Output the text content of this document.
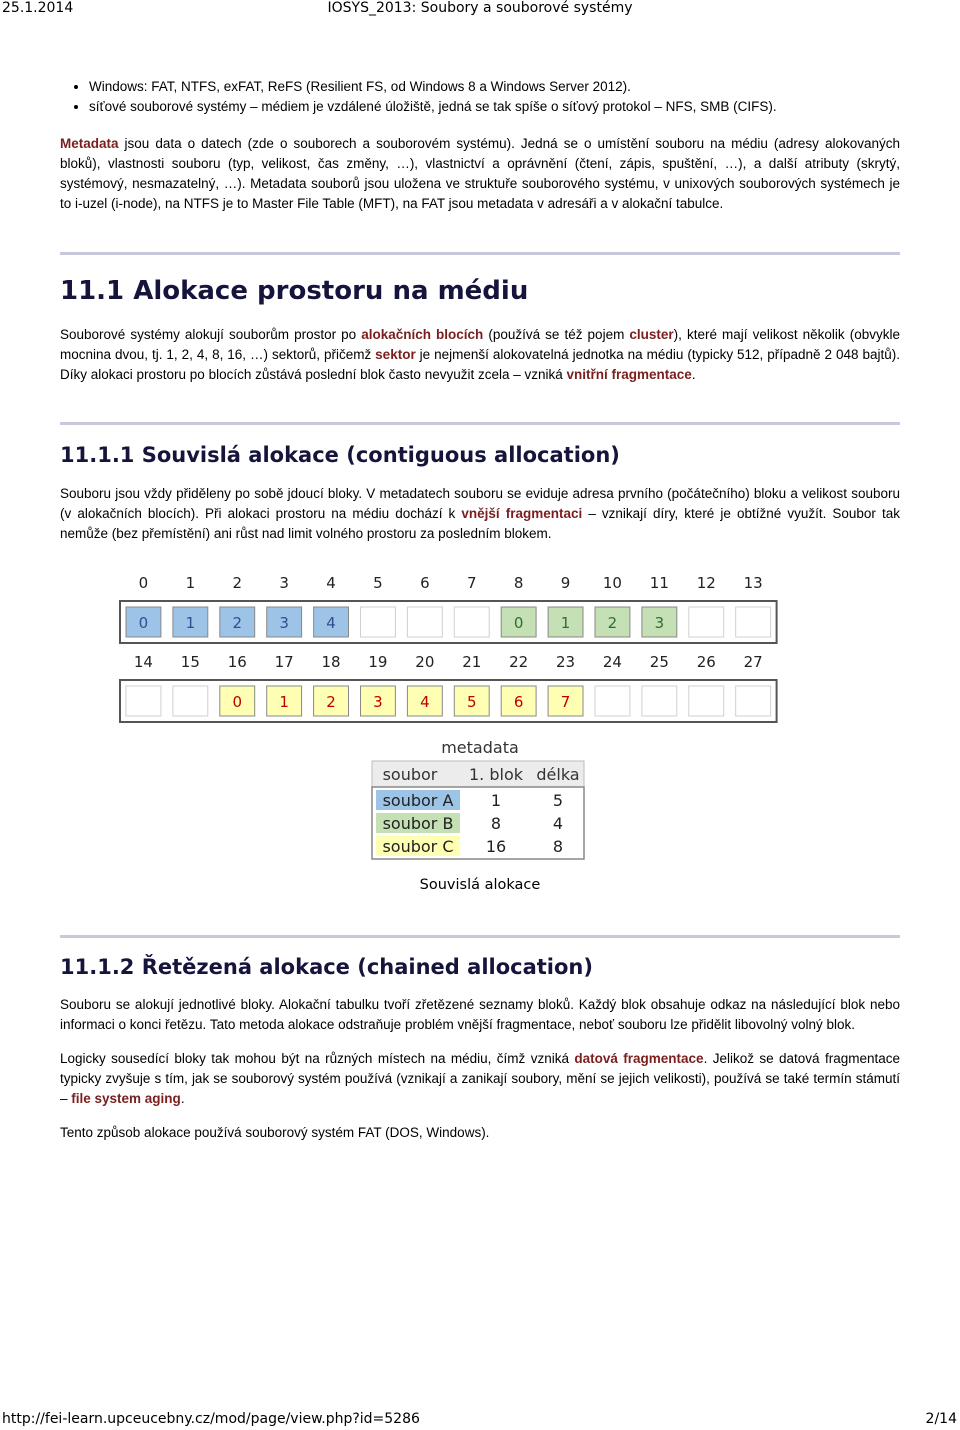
25.1.2014	IOSYS_2013: Soubory a souborové systémy
• Windows: FAT, NTFS, exFAT, ReFS (Resilient FS, od Windows 8 a Windows Server 2012).
• síťové souborové systémy – médiem je vzdálené úložiště, jedná se tak spíše o síťový protokol – NFS, SMB (CIFS).

Metadata jsou data o datech (zde o souborech a souborovém systému). Jedná se o umístění souboru na médiu (adresy alokovaných bloků), vlastnosti souboru (typ, velikost, čas změny, …), vlastnictví a oprávnění (čtení, zápis, spuštění, …), a další atributy (skrytý, systémový, nesmazatelný, …). Metadata souborů jsou uložena ve struktuře souborového systému, v unixových souborových systémech je to i-uzel (i-node), na NTFS je to Master File Table (MFT), na FAT jsou metadata v adresáři a v alokační tabulce.

11.1 Alokace prostoru na médiu

Souborové systémy alokují souborům prostor po alokačních blocích (používá se též pojem cluster), které mají velikost několik (obvykle mocnina dvou, tj. 1, 2, 4, 8, 16, …) sektorů, přičemž sektor je nejmenší alokovatelná jednotka na médiu (typicky 512, případně 2 048 bajtů). Díky alokaci prostoru po blocích zůstává poslední blok často nevyužit zcela – vzniká vnitřní fragmentace.

11.1.1 Souvislá alokace (contiguous allocation)

Souboru jsou vždy přiděleny po sobě jdoucí bloky. V metadatech souboru se eviduje adresa prvního (počátečního) bloku a velikost souboru (v alokačních blocích). Při alokaci prostoru na médiu dochází k vnější fragmentaci – vznikají díry, které je obtížné využít. Soubor tak nemůže (bez přemístění) ani růst nad limit volného prostoru za posledním blokem.

0 1 2 3 4 5 6 7 8 9 10 11 12 13
0 1 2 3 4	0 1 2 3
14 15 16 17 18 19 20 21 22 23 24 25 26 27
0 1 2 3 4 5 6 7
metadata
soubor 1. blok délka
soubor A 1	5
soubor B 8	4
soubor C 16	8
Souvislá alokace
11.1.2 Řetězená alokace (chained allocation)

Souboru se alokují jednotlivé bloky. Alokační tabulku tvoří zřetězené seznamy bloků. Každý blok obsahuje odkaz na následující blok nebo informaci o konci řetězu. Tato metoda alokace odstraňuje problém vnější fragmentace, neboť souboru lze přidělit libovolný volný blok.

Logicky sousedící bloky tak mohou být na různých místech na médiu, čímž vzniká datová fragmentace. Jelikož se datová fragmentace typicky zvyšuje s tím, jak se souborový systém používá (vznikají a zanikají soubory, mění se jejich velikosti), používá se také termín stámutí – file system aging.

Tento způsob alokace používá souborový systém FAT (DOS, Windows).

http://fei-learn.upceucebny.cz/mod/page/view.php?id=5286	2/14
